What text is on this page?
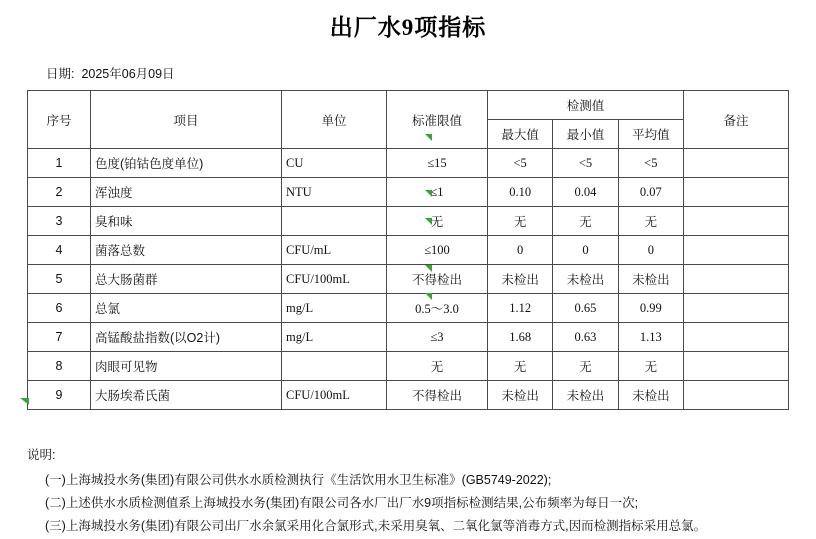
出厂水9项指标
日期: 2025年06月09日
序号	项目	单位	标准限值	检测值			备注
				最大值	最小值	平均值	
1	色度(铂钴色度单位)	CU	≤15	<5	<5	<5	
2	浑浊度	NTU	≤1	0.10	0.04	0.07	
3	臭和味		无	无	无	无	
4	菌落总数	CFU/mL	≤100	0	0	0	
5	总大肠菌群	CFU/100mL	不得检出	未检出	未检出	未检出	
6	总氯	mg/L	0.5～3.0	1.12	0.65	0.99	
7	高锰酸盐指数(以O2计)	mg/L	≤3	1.68	0.63	1.13	
8	肉眼可见物		无	无	无	无	
9	大肠埃希氏菌	CFU/100mL	不得检出	未检出	未检出	未检出	
说明:
(一)上海城投水务(集团)有限公司供水水质检测执行《生活饮用水卫生标准》(GB5749-2022);
(二)上述供水水质检测值系上海城投水务(集团)有限公司各水厂出厂水9项指标检测结果,公布频率为每日一次;
(三)上海城投水务(集团)有限公司出厂水余氯采用化合氯形式,未采用臭氧、二氧化氯等消毒方式,因而检测指标采用总氯。
